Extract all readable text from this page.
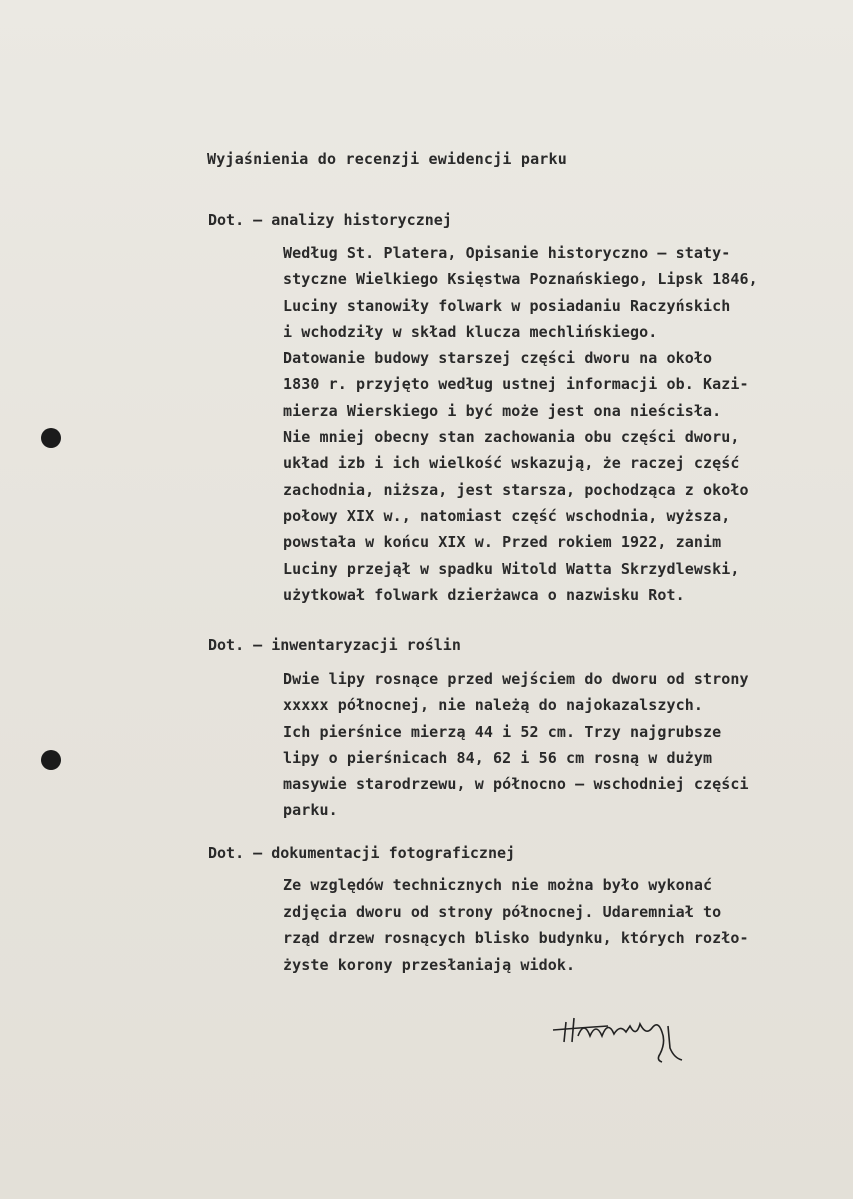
Wyjaśnienia do recenzji ewidencji parku
Dot. – analizy historycznej
Według St. Platera, Opisanie historyczno – staty-
styczne Wielkiego Księstwa Poznańskiego, Lipsk 1846,
Luciny stanowiły folwark w posiadaniu Raczyńskich
i wchodziły w skład klucza mechlińskiego.
Datowanie budowy starszej części dworu na około
1830 r. przyjęto według ustnej informacji ob. Kazi-
mierza Wierskiego i być może jest ona nieścisła.
Nie mniej obecny stan zachowania obu części dworu,
układ izb i ich wielkość wskazują, że raczej część
zachodnia, niższa, jest starsza, pochodząca z około
połowy XIX w., natomiast część wschodnia, wyższa,
powstała w końcu XIX w. Przed rokiem 1922, zanim
Luciny przejął w spadku Witold Watta Skrzydlewski,
użytkował folwark dzierżawca o nazwisku Rot.
Dot. – inwentaryzacji roślin
Dwie lipy rosnące przed wejściem do dworu od strony
xxxxx północnej, nie należą do najokazalszych.
Ich pierśnice mierzą 44 i 52 cm. Trzy najgrubsze
lipy o pierśnicach 84, 62 i 56 cm rosną w dużym
masywie starodrzewu, w północno – wschodniej części
parku.
Dot. – dokumentacji fotograficznej
Ze względów technicznych nie można było wykonać
zdjęcia dworu od strony północnej. Udaremniał to
rząd drzew rosnących blisko budynku, których rozło-
żyste korony przesłaniają widok.
